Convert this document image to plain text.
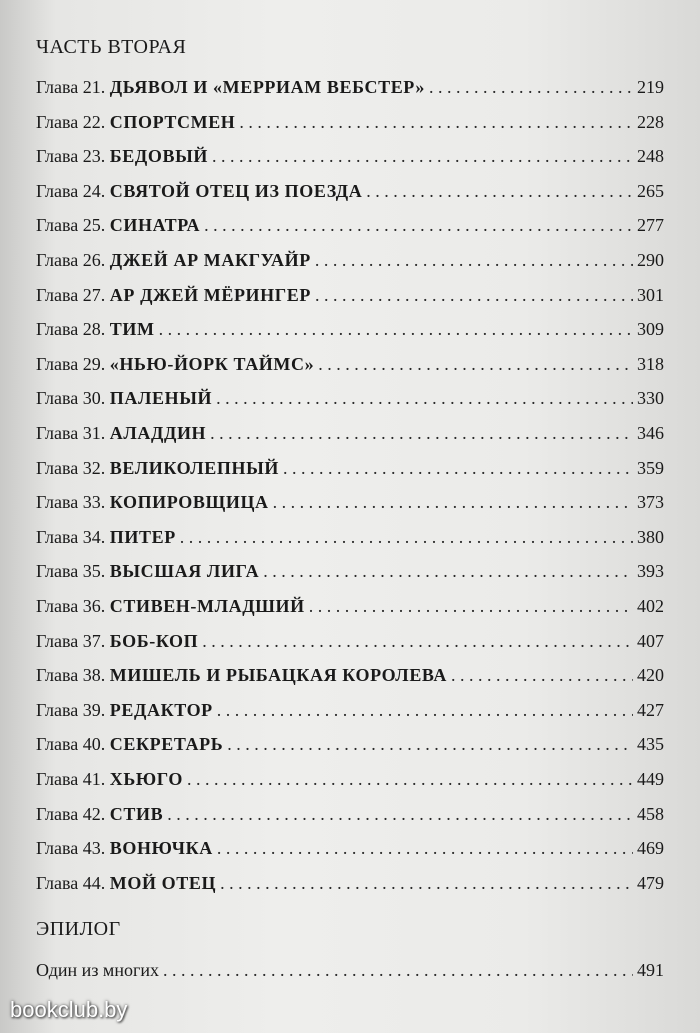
ЧАСТЬ ВТОРАЯ
Глава 21. ДЬЯВОЛ И «МЕРРИАМ ВЕБСТЕР» . . .	219
Глава 22. СПОРТСМЕН . . .	228
Глава 23. БЕДОВЫЙ . . .	248
Глава 24. СВЯТОЙ ОТЕЦ ИЗ ПОЕЗДА . . .	265
Глава 25. СИНАТРА . . .	277
Глава 26. ДЖЕЙ АР МАКГУАЙР . . .	290
Глава 27. АР ДЖЕЙ МЁРИНГЕР . . .	301
Глава 28. ТИМ . . .	309
Глава 29. «НЬЮ-ЙОРК ТАЙМС» . . .	318
Глава 30. ПАЛЕНЫЙ . . .	330
Глава 31. АЛАДДИН . . .	346
Глава 32. ВЕЛИКОЛЕПНЫЙ . . .	359
Глава 33. КОПИРОВЩИЦА . . .	373
Глава 34. ПИТЕР . . .	380
Глава 35. ВЫСШАЯ ЛИГА . . .	393
Глава 36. СТИВЕН-МЛАДШИЙ . . .	402
Глава 37. БОБ-КОП . . .	407
Глава 38. МИШЕЛЬ И РЫБАЦКАЯ КОРОЛЕВА . . .	420
Глава 39. РЕДАКТОР . . .	427
Глава 40. СЕКРЕТАРЬ . . .	435
Глава 41. ХЬЮГО . . .	449
Глава 42. СТИВ . . .	458
Глава 43. ВОНЮЧКА . . .	469
Глава 44. МОЙ ОТЕЦ . . .	479
ЭПИЛОГ
Один из многих . . .	491
bookclub.by
